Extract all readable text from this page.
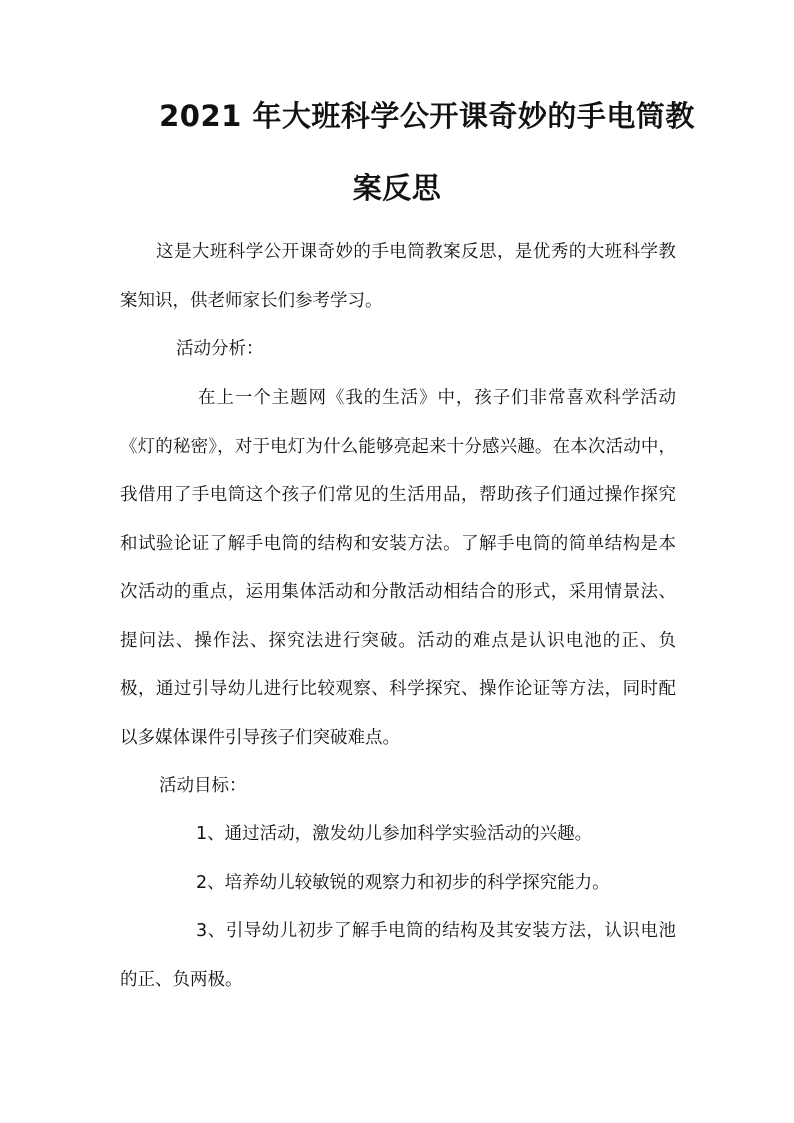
2021 年大班科学公开课奇妙的手电筒教
案反思

这是大班科学公开课奇妙的手电筒教案反思，是优秀的大班科学教案知识，供老师家长们参考学习。

活动分析：

在上一个主题网《我的生活》中，孩子们非常喜欢科学活动《灯的秘密》，对于电灯为什么能够亮起来十分感兴趣。在本次活动中，我借用了手电筒这个孩子们常见的生活用品，帮助孩子们通过操作探究和试验论证了解手电筒的结构和安装方法。了解手电筒的简单结构是本次活动的重点，运用集体活动和分散活动相结合的形式，采用情景法、提问法、操作法、探究法进行突破。活动的难点是认识电池的正、负极，通过引导幼儿进行比较观察、科学探究、操作论证等方法，同时配以多媒体课件引导孩子们突破难点。

活动目标：

1、通过活动，激发幼儿参加科学实验活动的兴趣。

2、培养幼儿较敏锐的观察力和初步的科学探究能力。

3、引导幼儿初步了解手电筒的结构及其安装方法，认识电池的正、负两极。
